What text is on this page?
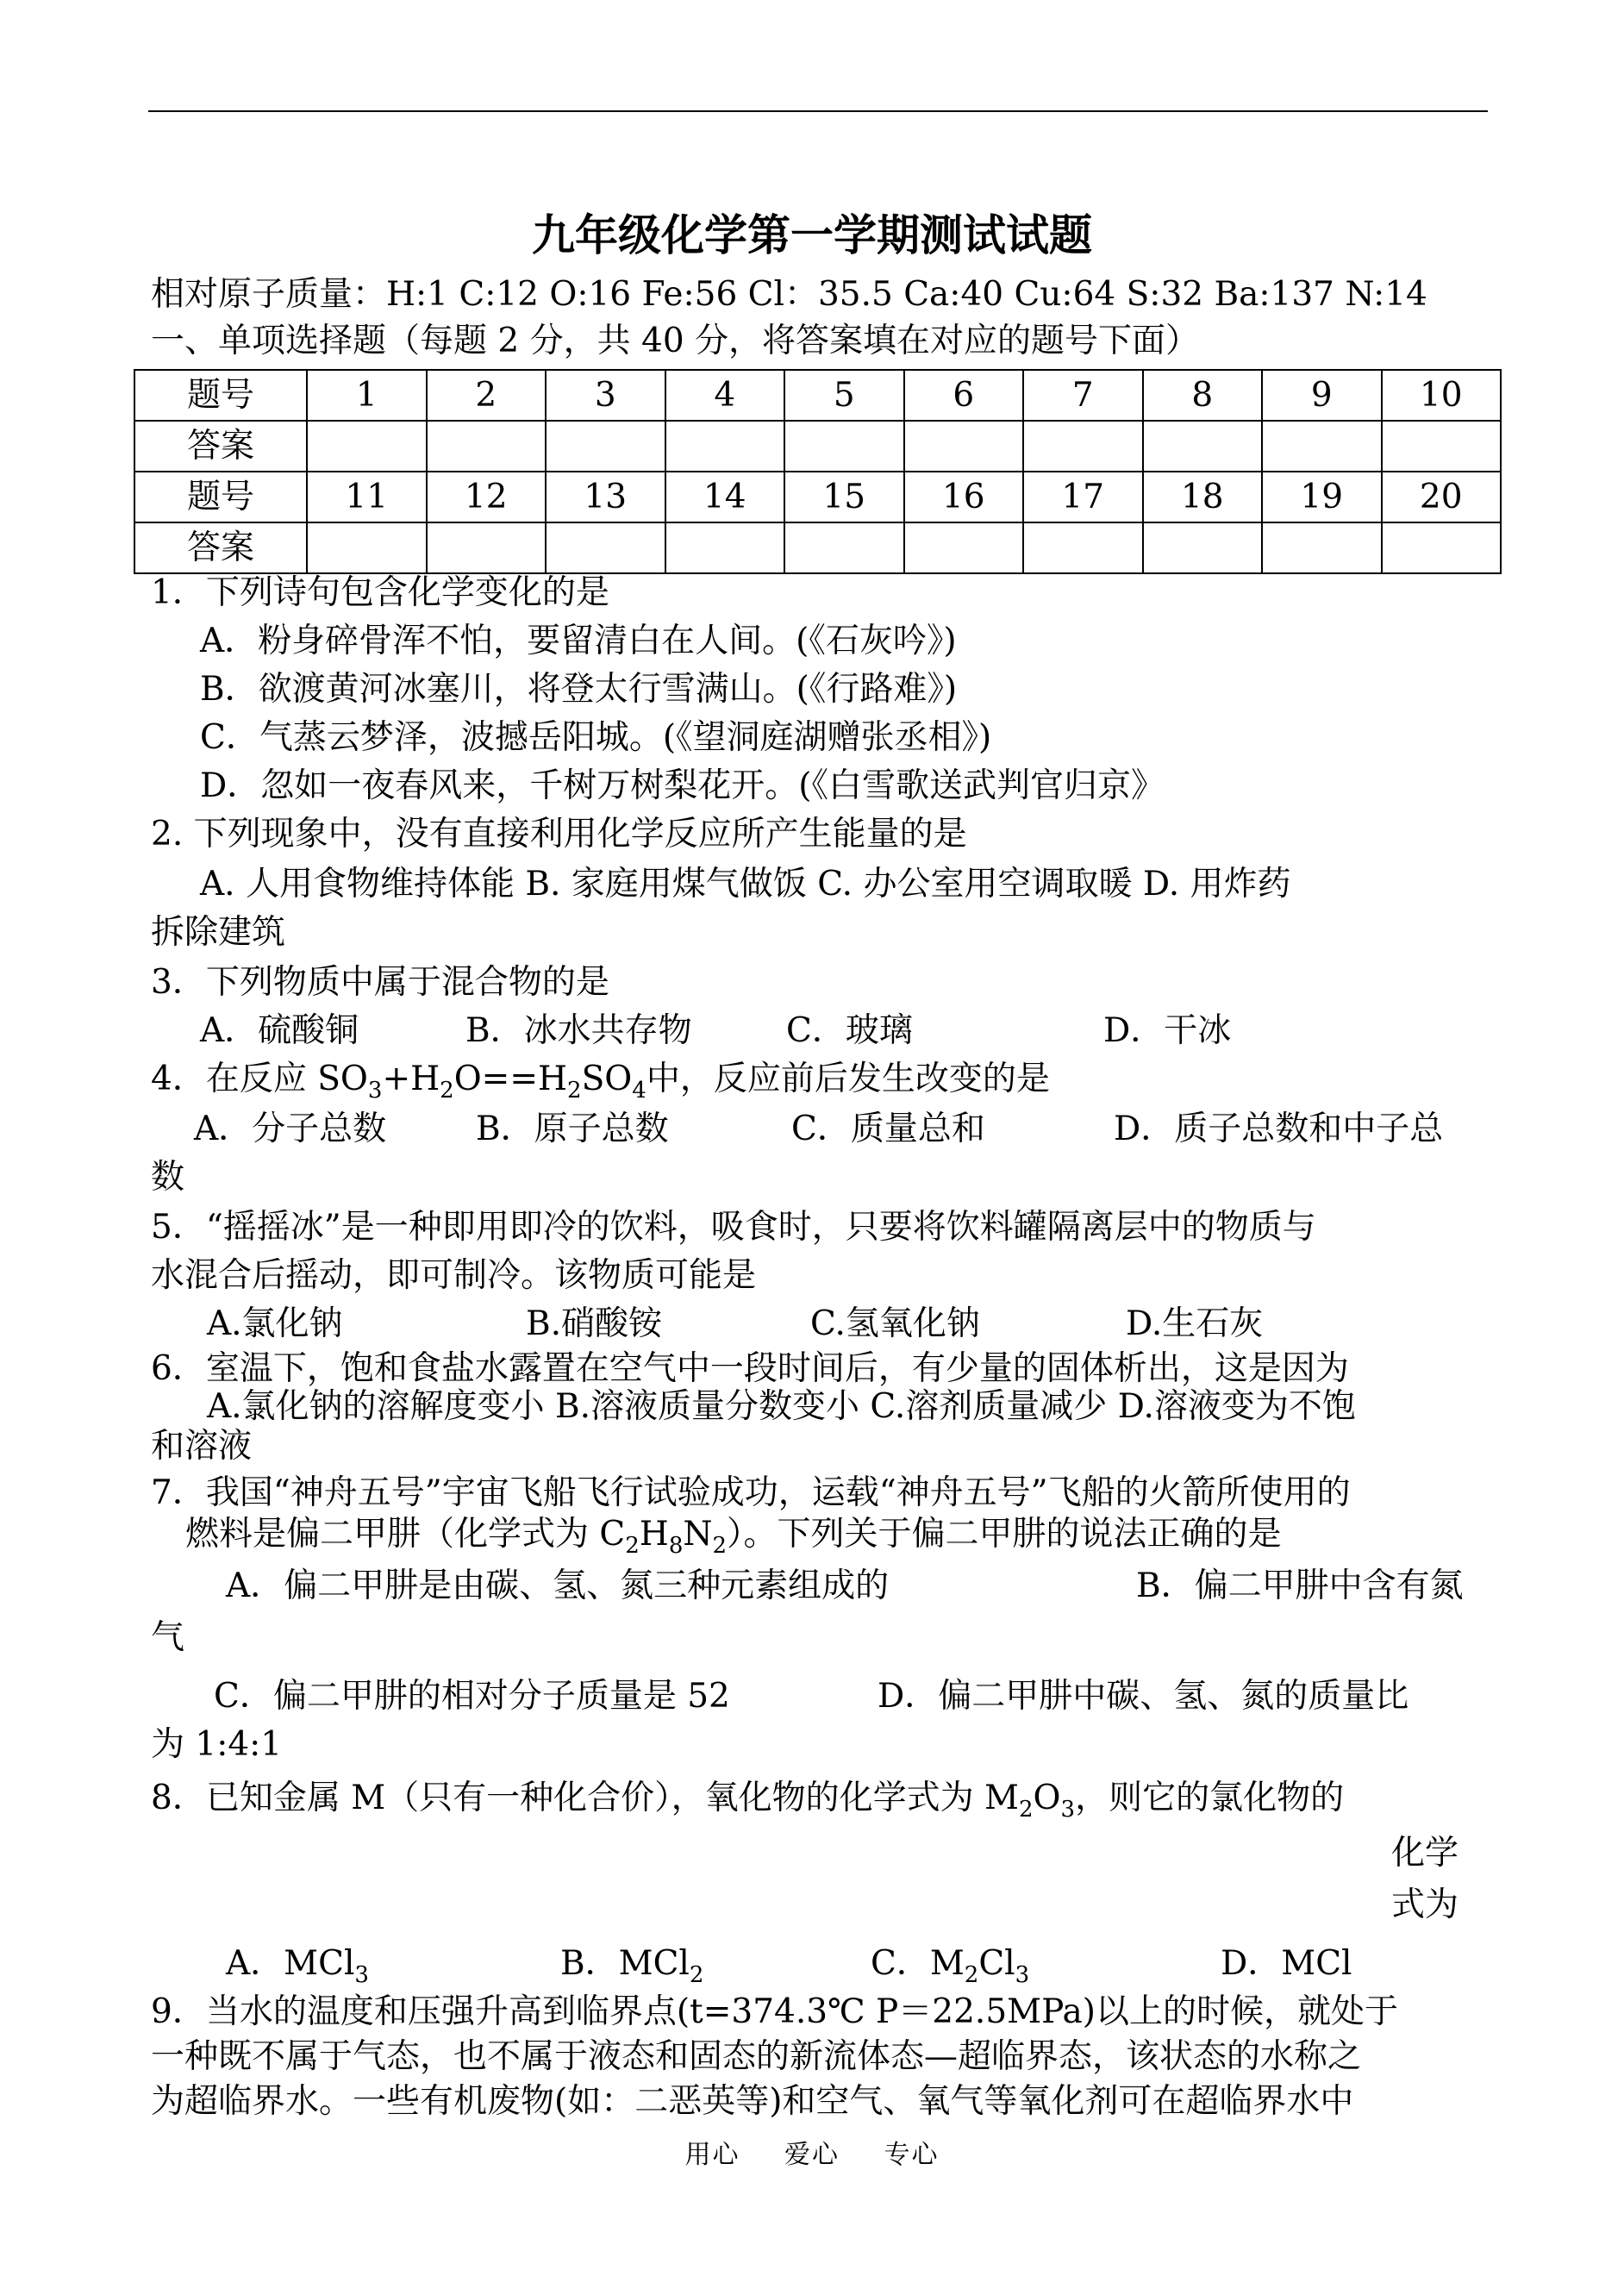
九年级化学第一学期测试试题
相对原子质量：H:1 C:12 O:16 Fe:56 Cl：35.5 Ca:40 Cu:64 S:32 Ba:137 N:14
一、单项选择题（每题 2 分，共 40 分，将答案填在对应的题号下面）
题号	1	2	3	4	5	6	7	8	9	10
答案										
题号	11	12	13	14	15	16	17	18	19	20
答案										
1．下列诗句包含化学变化的是
A．粉身碎骨浑不怕，要留清白在人间。(《石灰吟》)
B．欲渡黄河冰塞川，将登太行雪满山。(《行路难》)
C．气蒸云梦泽，波撼岳阳城。(《望洞庭湖赠张丞相》)
D．忽如一夜春风来，千树万树梨花开。(《白雪歌送武判官归京》
2. 下列现象中，没有直接利用化学反应所产生能量的是
A. 人用食物维持体能 B. 家庭用煤气做饭 C. 办公室用空调取暖 D. 用炸药
拆除建筑
3．下列物质中属于混合物的是
A．硫酸铜	B．冰水共存物	C．玻璃	D．干冰
4．在反应 $SO_3+H_2O==H_2SO_4$中，反应前后发生改变的是
A．分子总数	B．原子总数	C．质量总和	D．质子总数和中子总
数
5．“摇摇冰”是一种即用即冷的饮料，吸食时，只要将饮料罐隔离层中的物质与
水混合后摇动，即可制冷。该物质可能是
A.氯化钠	B.硝酸铵	C.氢氧化钠	D.生石灰
6．室温下，饱和食盐水露置在空气中一段时间后，有少量的固体析出，这是因为
A.氯化钠的溶解度变小 B.溶液质量分数变小 C.溶剂质量减少 D.溶液变为不饱
和溶液
7．我国“神舟五号”宇宙飞船飞行试验成功，运载“神舟五号”飞船的火箭所使用的
燃料是偏二甲肼（化学式为 $C_2H_8N_2$）。下列关于偏二甲肼的说法正确的是
A．偏二甲肼是由碳、氢、氮三种元素组成的	B．偏二甲肼中含有氮
气
C．偏二甲肼的相对分子质量是 52	D．偏二甲肼中碳、氢、氮的质量比
为 1:4:1
8．已知金属 M（只有一种化合价），氧化物的化学式为 $M_2O_3$，则它的氯化物的
化学
式为
A．MCl$_3$	B．MCl$_2$	C．$M_2Cl_3$	D．MCl
9．当水的温度和压强升高到临界点(t=374.3℃ P＝22.5MPa)以上的时候，就处于
一种既不属于气态，也不属于液态和固态的新流体态—超临界态，该状态的水称之
为超临界水。一些有机废物(如：二恶英等)和空气、氧气等氧化剂可在超临界水中
用心 爱心 专心
